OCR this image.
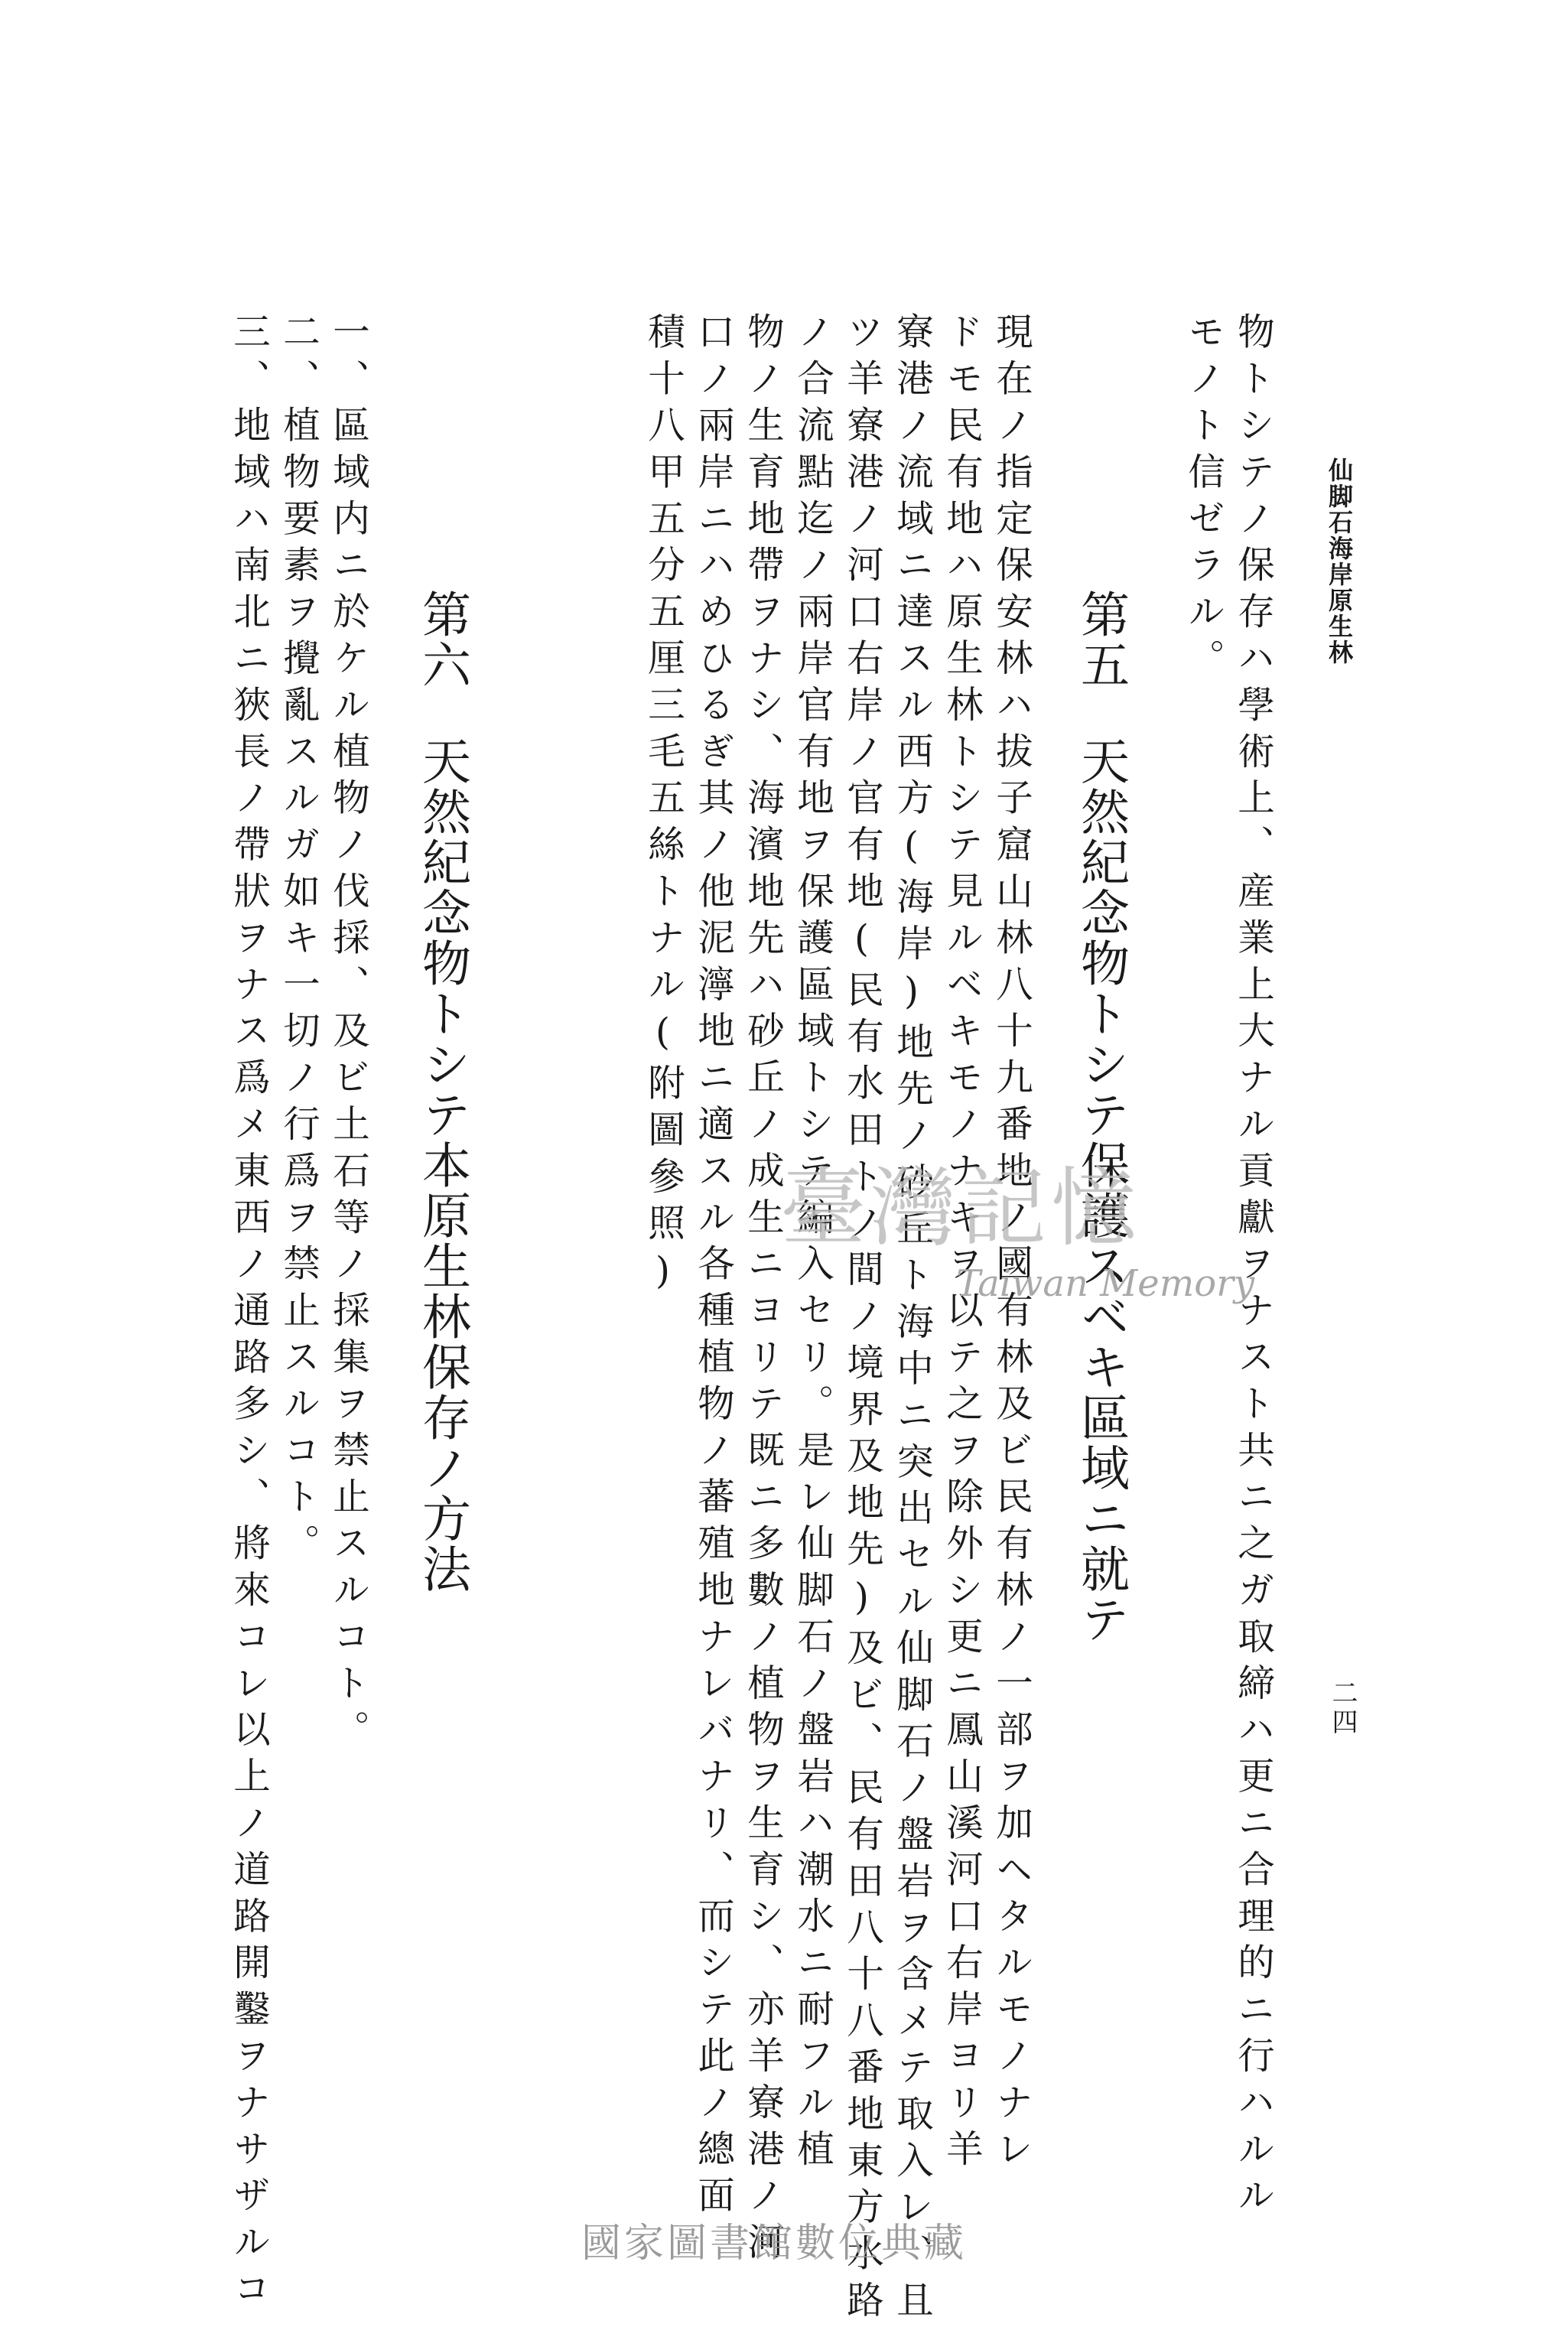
仙脚石海岸原生林
二四
物トシテノ保存ハ學術上、産業上大ナル貢獻ヲナスト共ニ之ガ取締ハ更ニ合理的ニ行ハルル
モノト信ゼラル。
第五天然紀念物トシテ保護スベキ區域ニ就テ
現在ノ指定保安林ハ拔子窟山林八十九番地ノ國有林及ビ民有林ノ一部ヲ加ヘタルモノナレ
ドモ民有地ハ原生林トシテ見ルベキモノナキヲ以テ之ヲ除外シ更ニ鳳山溪河口右岸ヨリ羊
寮港ノ流域ニ達スル西方(海岸)地先ノ砂丘ト海中ニ突出セル仙脚石ノ盤岩ヲ含メテ取入レ、且
ツ羊寮港ノ河口右岸ノ官有地(民有水田トノ間ノ境界及地先)及ビ、民有田八十八番地東方水路
ノ合流點迄ノ兩岸官有地ヲ保護區域トシテ編入セリ。是レ仙脚石ノ盤岩ハ潮水ニ耐フル植
物ノ生育地帶ヲナシ、海濱地先ハ砂丘ノ成生ニヨリテ既ニ多數ノ植物ヲ生育シ、亦羊寮港ノ河
口ノ兩岸ニハめひるぎ其ノ他泥濘地ニ適スル各種植物ノ蕃殖地ナレバナリ、而シテ此ノ總面
積十八甲五分五厘三毛五絲トナル(附圖參照)
第六天然紀念物トシテ本原生林保存ノ方法
一、區域内ニ於ケル植物ノ伐採、及ビ土石等ノ採集ヲ禁止スルコト。
二、植物要素ヲ攪亂スルガ如キ一切ノ行爲ヲ禁止スルコト。
三、地域ハ南北ニ狹長ノ帶狀ヲナス爲メ東西ノ通路多シ、將來コレ以上ノ道路開鑿ヲナサザルコ	臺灣記憶
Taiwan Memory
國家圖書館數位典藏
